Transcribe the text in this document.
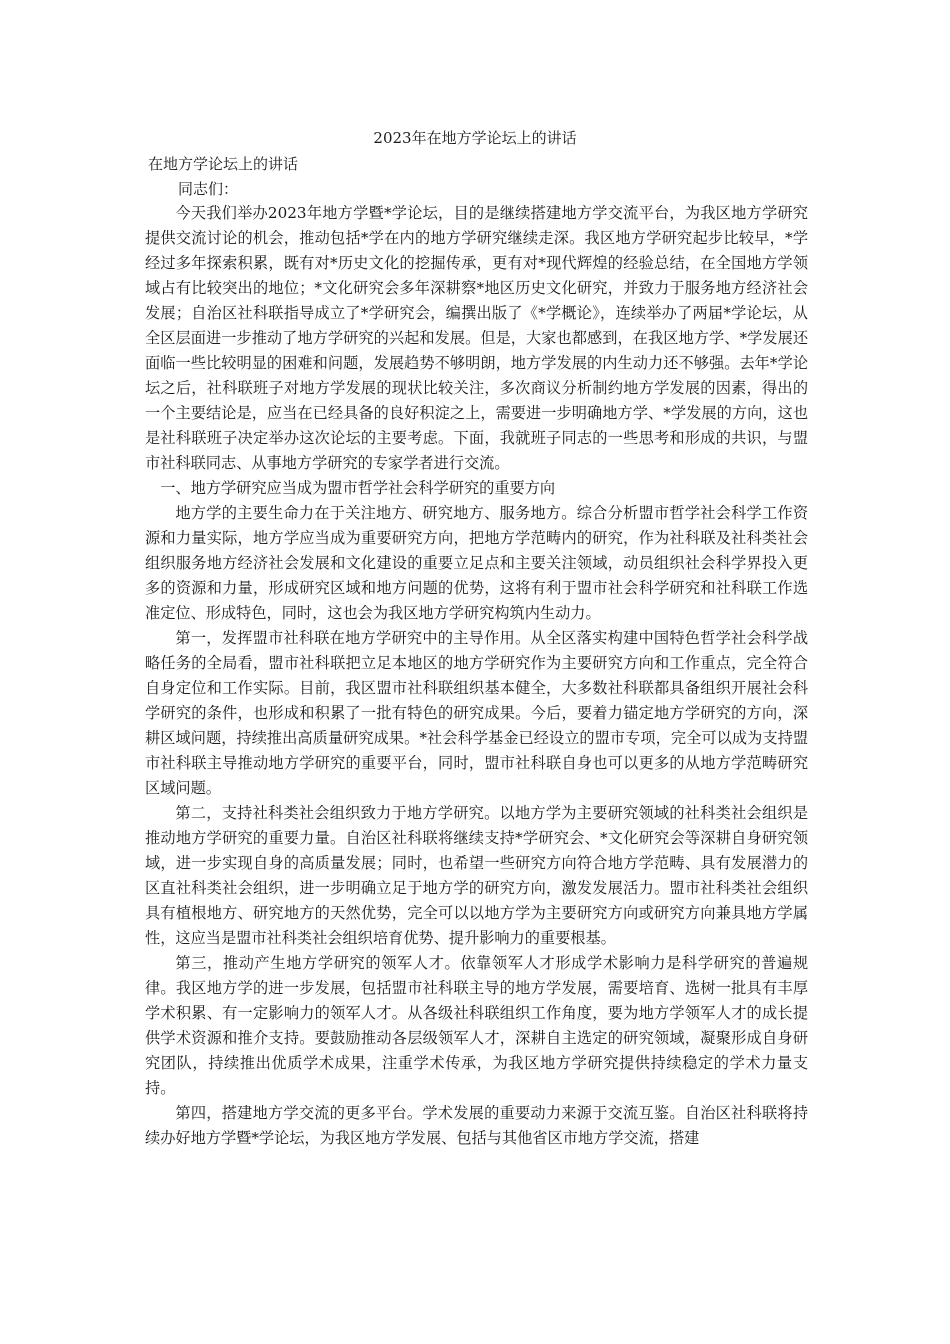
2023年在地方学论坛上的讲话
在地方学论坛上的讲话
同志们：

今天我们举办2023年地方学暨*学论坛，目的是继续搭建地方学交流平台，为我区地方学研究提供交流讨论的机会，推动包括*学在内的地方学研究继续走深。我区地方学研究起步比较早，*学经过多年探索积累，既有对*历史文化的挖掘传承，更有对*现代辉煌的经验总结，在全国地方学领域占有比较突出的地位；*文化研究会多年深耕察*地区历史文化研究，并致力于服务地方经济社会发展；自治区社科联指导成立了*学研究会，编撰出版了《*学概论》，连续举办了两届*学论坛，从全区层面进一步推动了地方学研究的兴起和发展。但是，大家也都感到，在我区地方学、*学发展还面临一些比较明显的困难和问题，发展趋势不够明朗，地方学发展的内生动力还不够强。去年*学论坛之后，社科联班子对地方学发展的现状比较关注，多次商议分析制约地方学发展的因素，得出的一个主要结论是，应当在已经具备的良好积淀之上，需要进一步明确地方学、*学发展的方向，这也是社科联班子决定举办这次论坛的主要考虑。下面，我就班子同志的一些思考和形成的共识，与盟市社科联同志、从事地方学研究的专家学者进行交流。

一、地方学研究应当成为盟市哲学社会科学研究的重要方向

地方学的主要生命力在于关注地方、研究地方、服务地方。综合分析盟市哲学社会科学工作资源和力量实际，地方学应当成为重要研究方向，把地方学范畴内的研究，作为社科联及社科类社会组织服务地方经济社会发展和文化建设的重要立足点和主要关注领域，动员组织社会科学界投入更多的资源和力量，形成研究区域和地方问题的优势，这将有利于盟市社会科学研究和社科联工作选准定位、形成特色，同时，这也会为我区地方学研究构筑内生动力。

第一，发挥盟市社科联在地方学研究中的主导作用。从全区落实构建中国特色哲学社会科学战略任务的全局看，盟市社科联把立足本地区的地方学研究作为主要研究方向和工作重点，完全符合自身定位和工作实际。目前，我区盟市社科联组织基本健全，大多数社科联都具备组织开展社会科学研究的条件，也形成和积累了一批有特色的研究成果。今后，要着力锚定地方学研究的方向，深耕区域问题，持续推出高质量研究成果。*社会科学基金已经设立的盟市专项，完全可以成为支持盟市社科联主导推动地方学研究的重要平台，同时，盟市社科联自身也可以更多的从地方学范畴研究区域问题。

第二，支持社科类社会组织致力于地方学研究。以地方学为主要研究领域的社科类社会组织是推动地方学研究的重要力量。自治区社科联将继续支持*学研究会、*文化研究会等深耕自身研究领域，进一步实现自身的高质量发展；同时，也希望一些研究方向符合地方学范畴、具有发展潜力的区直社科类社会组织，进一步明确立足于地方学的研究方向，激发发展活力。盟市社科类社会组织具有植根地方、研究地方的天然优势，完全可以以地方学为主要研究方向或研究方向兼具地方学属性，这应当是盟市社科类社会组织培育优势、提升影响力的重要根基。

第三，推动产生地方学研究的领军人才。依靠领军人才形成学术影响力是科学研究的普遍规律。我区地方学的进一步发展，包括盟市社科联主导的地方学发展，需要培育、选树一批具有丰厚学术积累、有一定影响力的领军人才。从各级社科联组织工作角度，要为地方学领军人才的成长提供学术资源和推介支持。要鼓励推动各层级领军人才，深耕自主选定的研究领域，凝聚形成自身研究团队，持续推出优质学术成果，注重学术传承，为我区地方学研究提供持续稳定的学术力量支持。

第四，搭建地方学交流的更多平台。学术发展的重要动力来源于交流互鉴。自治区社科联将持续办好地方学暨*学论坛，为我区地方学发展、包括与其他省区市地方学交流，搭建
